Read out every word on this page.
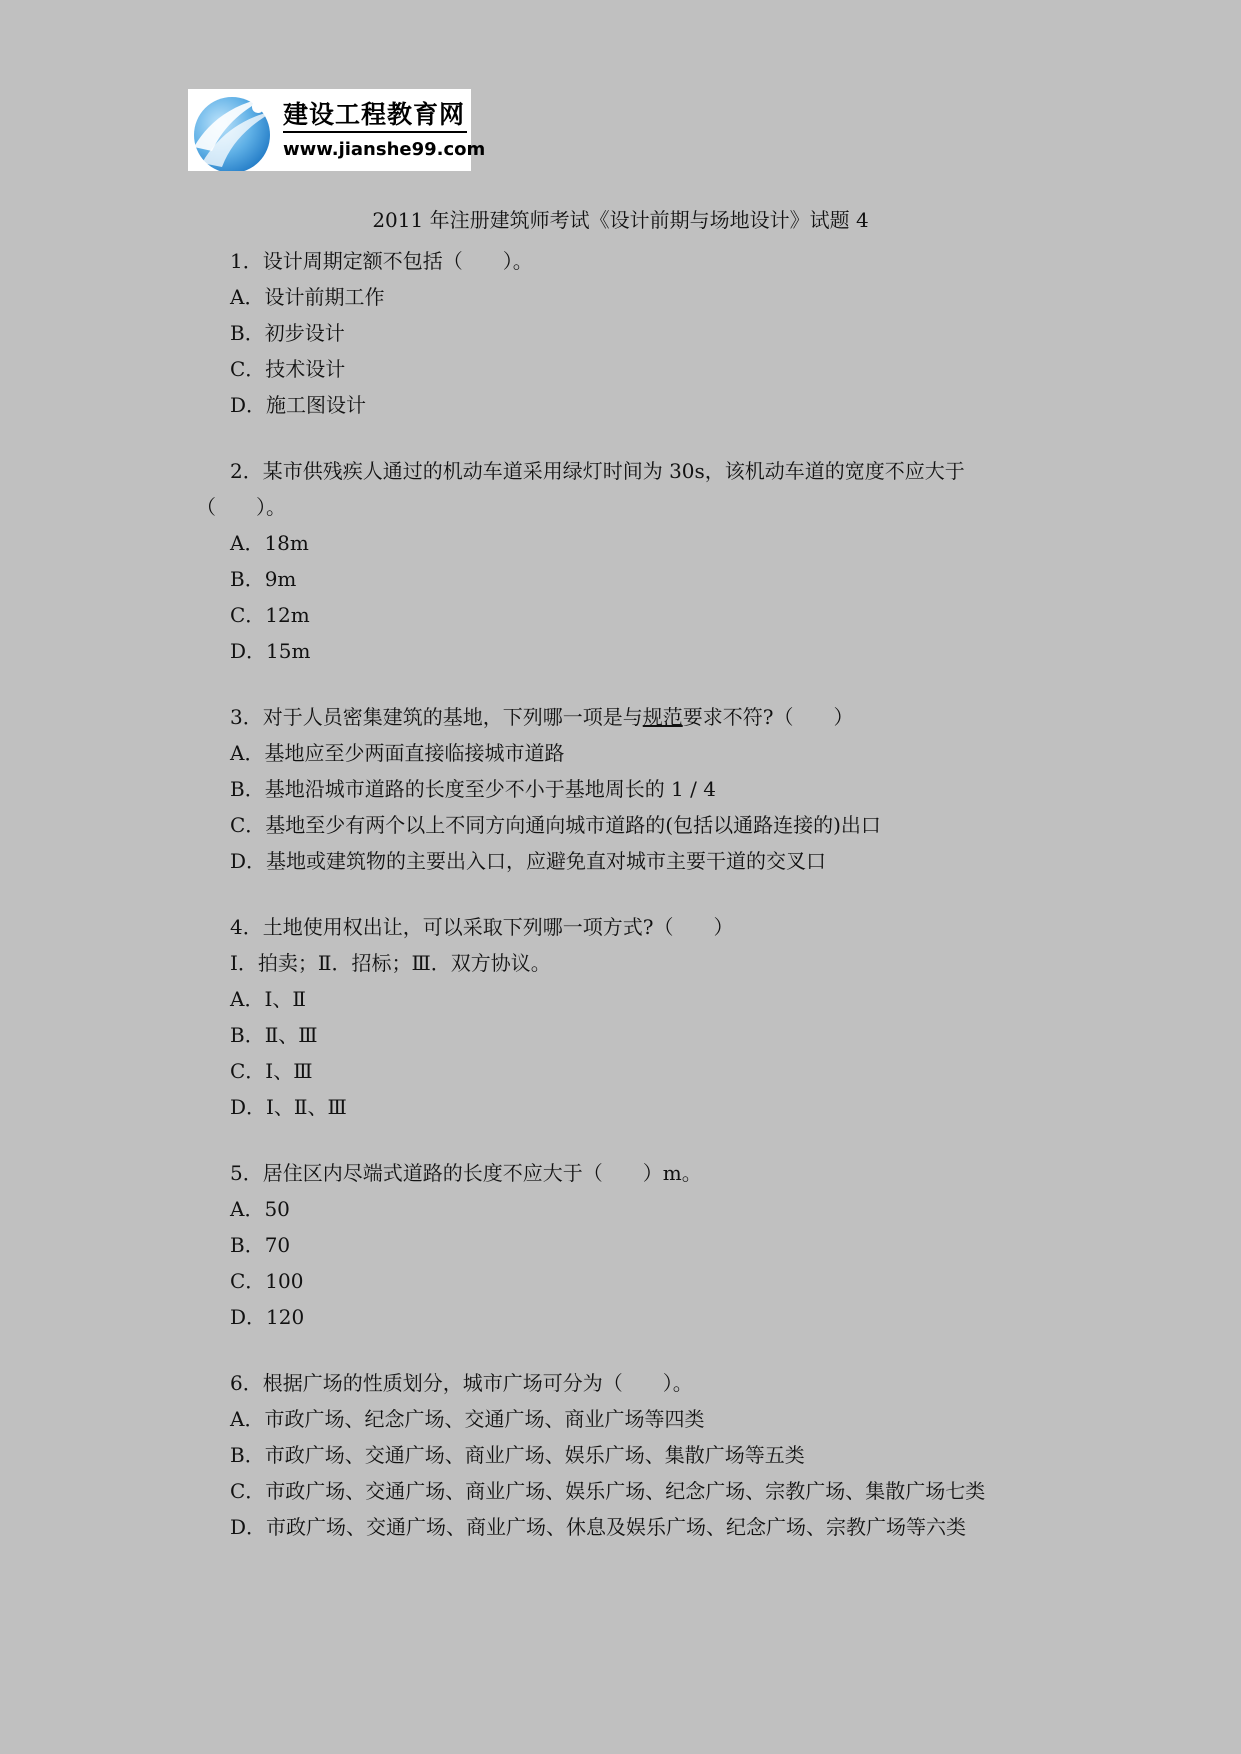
建设工程教育网
www.jianshe99.com
2011 年注册建筑师考试《设计前期与场地设计》试题 4
1．设计周期定额不包括（　　）。
A．设计前期工作
B．初步设计
C．技术设计
D．施工图设计
2．某市供残疾人通过的机动车道采用绿灯时间为 30s，该机动车道的宽度不应大于
（　　）。
A．18m
B．9m
C．12m
D．15m
3．对于人员密集建筑的基地，下列哪一项是与规范要求不符?（　　）
A．基地应至少两面直接临接城市道路
B．基地沿城市道路的长度至少不小于基地周长的 1 / 4
C．基地至少有两个以上不同方向通向城市道路的(包括以通路连接的)出口
D．基地或建筑物的主要出入口，应避免直对城市主要干道的交叉口
4．土地使用权出让，可以采取下列哪一项方式?（　　）
Ⅰ．拍卖；Ⅱ．招标；Ⅲ．双方协议。
A．Ⅰ、Ⅱ
B．Ⅱ、Ⅲ
C．Ⅰ、Ⅲ
D．Ⅰ、Ⅱ、Ⅲ
5．居住区内尽端式道路的长度不应大于（　　）m。
A．50
B．70
C．100
D．120
6．根据广场的性质划分，城市广场可分为（　　）。
A．市政广场、纪念广场、交通广场、商业广场等四类
B．市政广场、交通广场、商业广场、娱乐广场、集散广场等五类
C．市政广场、交通广场、商业广场、娱乐广场、纪念广场、宗教广场、集散广场七类
D．市政广场、交通广场、商业广场、休息及娱乐广场、纪念广场、宗教广场等六类
